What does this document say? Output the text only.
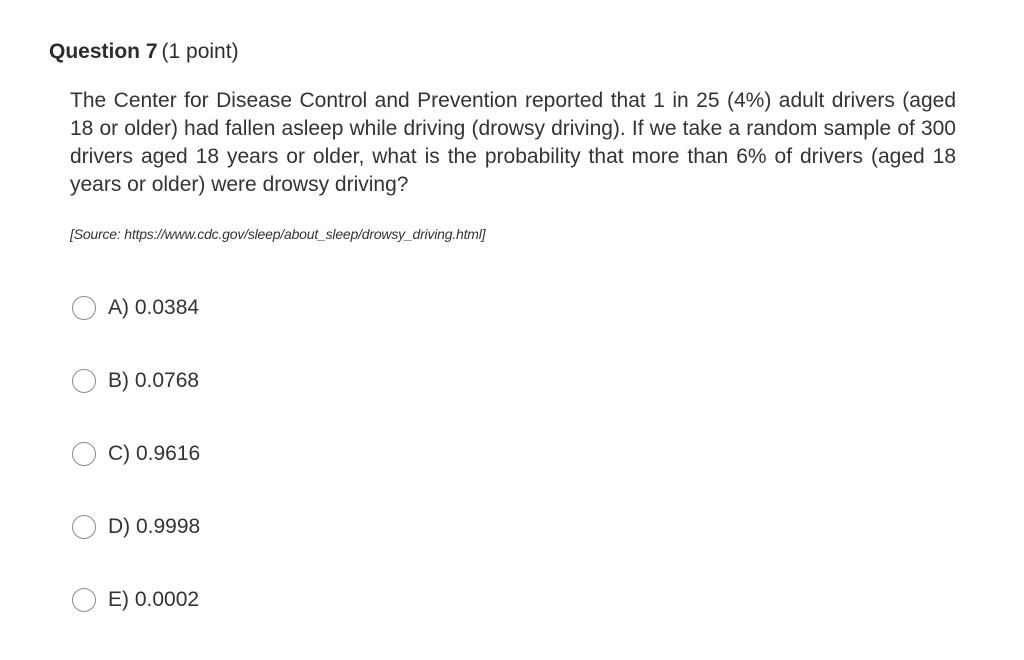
Question 7 (1 point)

The Center for Disease Control and Prevention reported that 1 in 25 (4%) adult drivers (aged 18 or older) had fallen asleep while driving (drowsy driving). If we take a random sample of 300 drivers aged 18 years or older, what is the probability that more than 6% of drivers (aged 18 years or older) were drowsy driving?

[Source: https://www.cdc.gov/sleep/about_sleep/drowsy_driving.html]

A) 0.0384
B) 0.0768
C) 0.9616
D) 0.9998
E) 0.0002
